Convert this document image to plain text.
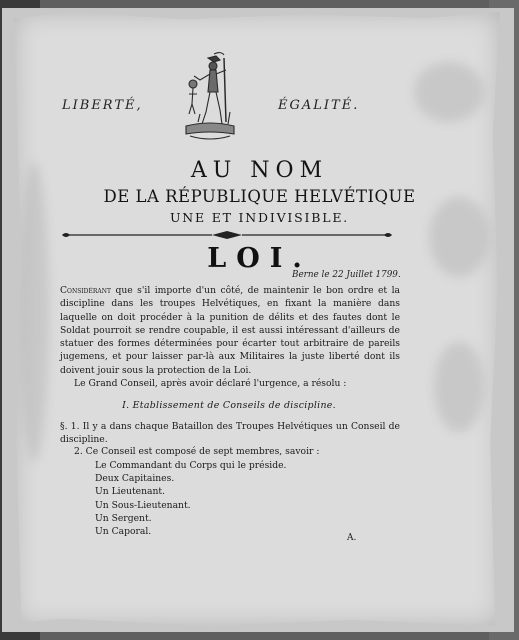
LIBERTÉ,	ÉGALITÉ.
AU NOM
DE LA RÉPUBLIQUE HELVÉTIQUE
UNE ET INDIVISIBLE.
LOI.
Berne le 22 Juillet 1799.
Considérant que s'il importe d'un côté, de maintenir le bon ordre et la discipline dans les troupes Helvétiques, en fixant la manière dans laquelle on doit procéder à la punition de délits et des fautes dont le Soldat pourroit se rendre coupable, il est aussi intéressant d'ailleurs de statuer des formes déterminées pour écarter tout arbitraire de pareils jugemens, et pour laisser par-là aux Militaires la juste liberté dont ils doivent jouir sous la protection de la Loi.
Le Grand Conseil, après avoir déclaré l'urgence, a résolu :
I. Etablissement de Conseils de discipline.
§. 1. Il y a dans chaque Bataillon des Troupes Helvétiques un Conseil de discipline.
2. Ce Conseil est composé de sept membres, savoir :
Le Commandant du Corps qui le préside.
Deux Capitaines.
Un Lieutenant.
Un Sous-Lieutenant.
Un Sergent.
Un Caporal.
A.
